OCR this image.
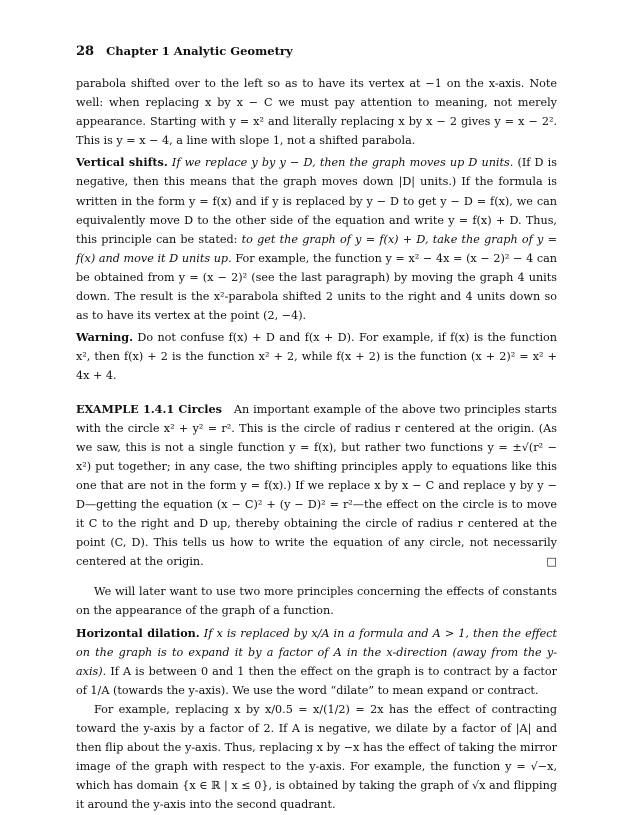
28 Chapter 1 Analytic Geometry

parabola shifted over to the left so as to have its vertex at −1 on the x-axis. Note well: when replacing x by x − C we must pay attention to meaning, not merely appearance. Starting with y = x² and literally replacing x by x − 2 gives y = x − 2². This is y = x − 4, a line with slope 1, not a shifted parabola.

Vertical shifts. If we replace y by y − D, then the graph moves up D units. (If D is negative, then this means that the graph moves down |D| units.) If the formula is written in the form y = f(x) and if y is replaced by y − D to get y − D = f(x), we can equivalently move D to the other side of the equation and write y = f(x) + D. Thus, this principle can be stated: to get the graph of y = f(x) + D, take the graph of y = f(x) and move it D units up. For example, the function y = x² − 4x = (x − 2)² − 4 can be obtained from y = (x − 2)² (see the last paragraph) by moving the graph 4 units down. The result is the x²-parabola shifted 2 units to the right and 4 units down so as to have its vertex at the point (2, −4).

Warning. Do not confuse f(x) + D and f(x + D). For example, if f(x) is the function x², then f(x) + 2 is the function x² + 2, while f(x + 2) is the function (x + 2)² = x² + 4x + 4.

EXAMPLE 1.4.1 Circles An important example of the above two principles starts with the circle x² + y² = r². This is the circle of radius r centered at the origin. (As we saw, this is not a single function y = f(x), but rather two functions y = ±√(r² − x²) put together; in any case, the two shifting principles apply to equations like this one that are not in the form y = f(x).) If we replace x by x − C and replace y by y − D—getting the equation (x − C)² + (y − D)² = r²—the effect on the circle is to move it C to the right and D up, thereby obtaining the circle of radius r centered at the point (C, D). This tells us how to write the equation of any circle, not necessarily centered at the origin.	□

We will later want to use two more principles concerning the effects of constants on the appearance of the graph of a function.

Horizontal dilation. If x is replaced by x/A in a formula and A > 1, then the effect on the graph is to expand it by a factor of A in the x-direction (away from the y-axis). If A is between 0 and 1 then the effect on the graph is to contract by a factor of 1/A (towards the y-axis). We use the word “dilate” to mean expand or contract.

For example, replacing x by x/0.5 = x/(1/2) = 2x has the effect of contracting toward the y-axis by a factor of 2. If A is negative, we dilate by a factor of |A| and then flip about the y-axis. Thus, replacing x by −x has the effect of taking the mirror image of the graph with respect to the y-axis. For example, the function y = √−x, which has domain {x ∈ ℝ | x ≤ 0}, is obtained by taking the graph of √x and flipping it around the y-axis into the second quadrant.
